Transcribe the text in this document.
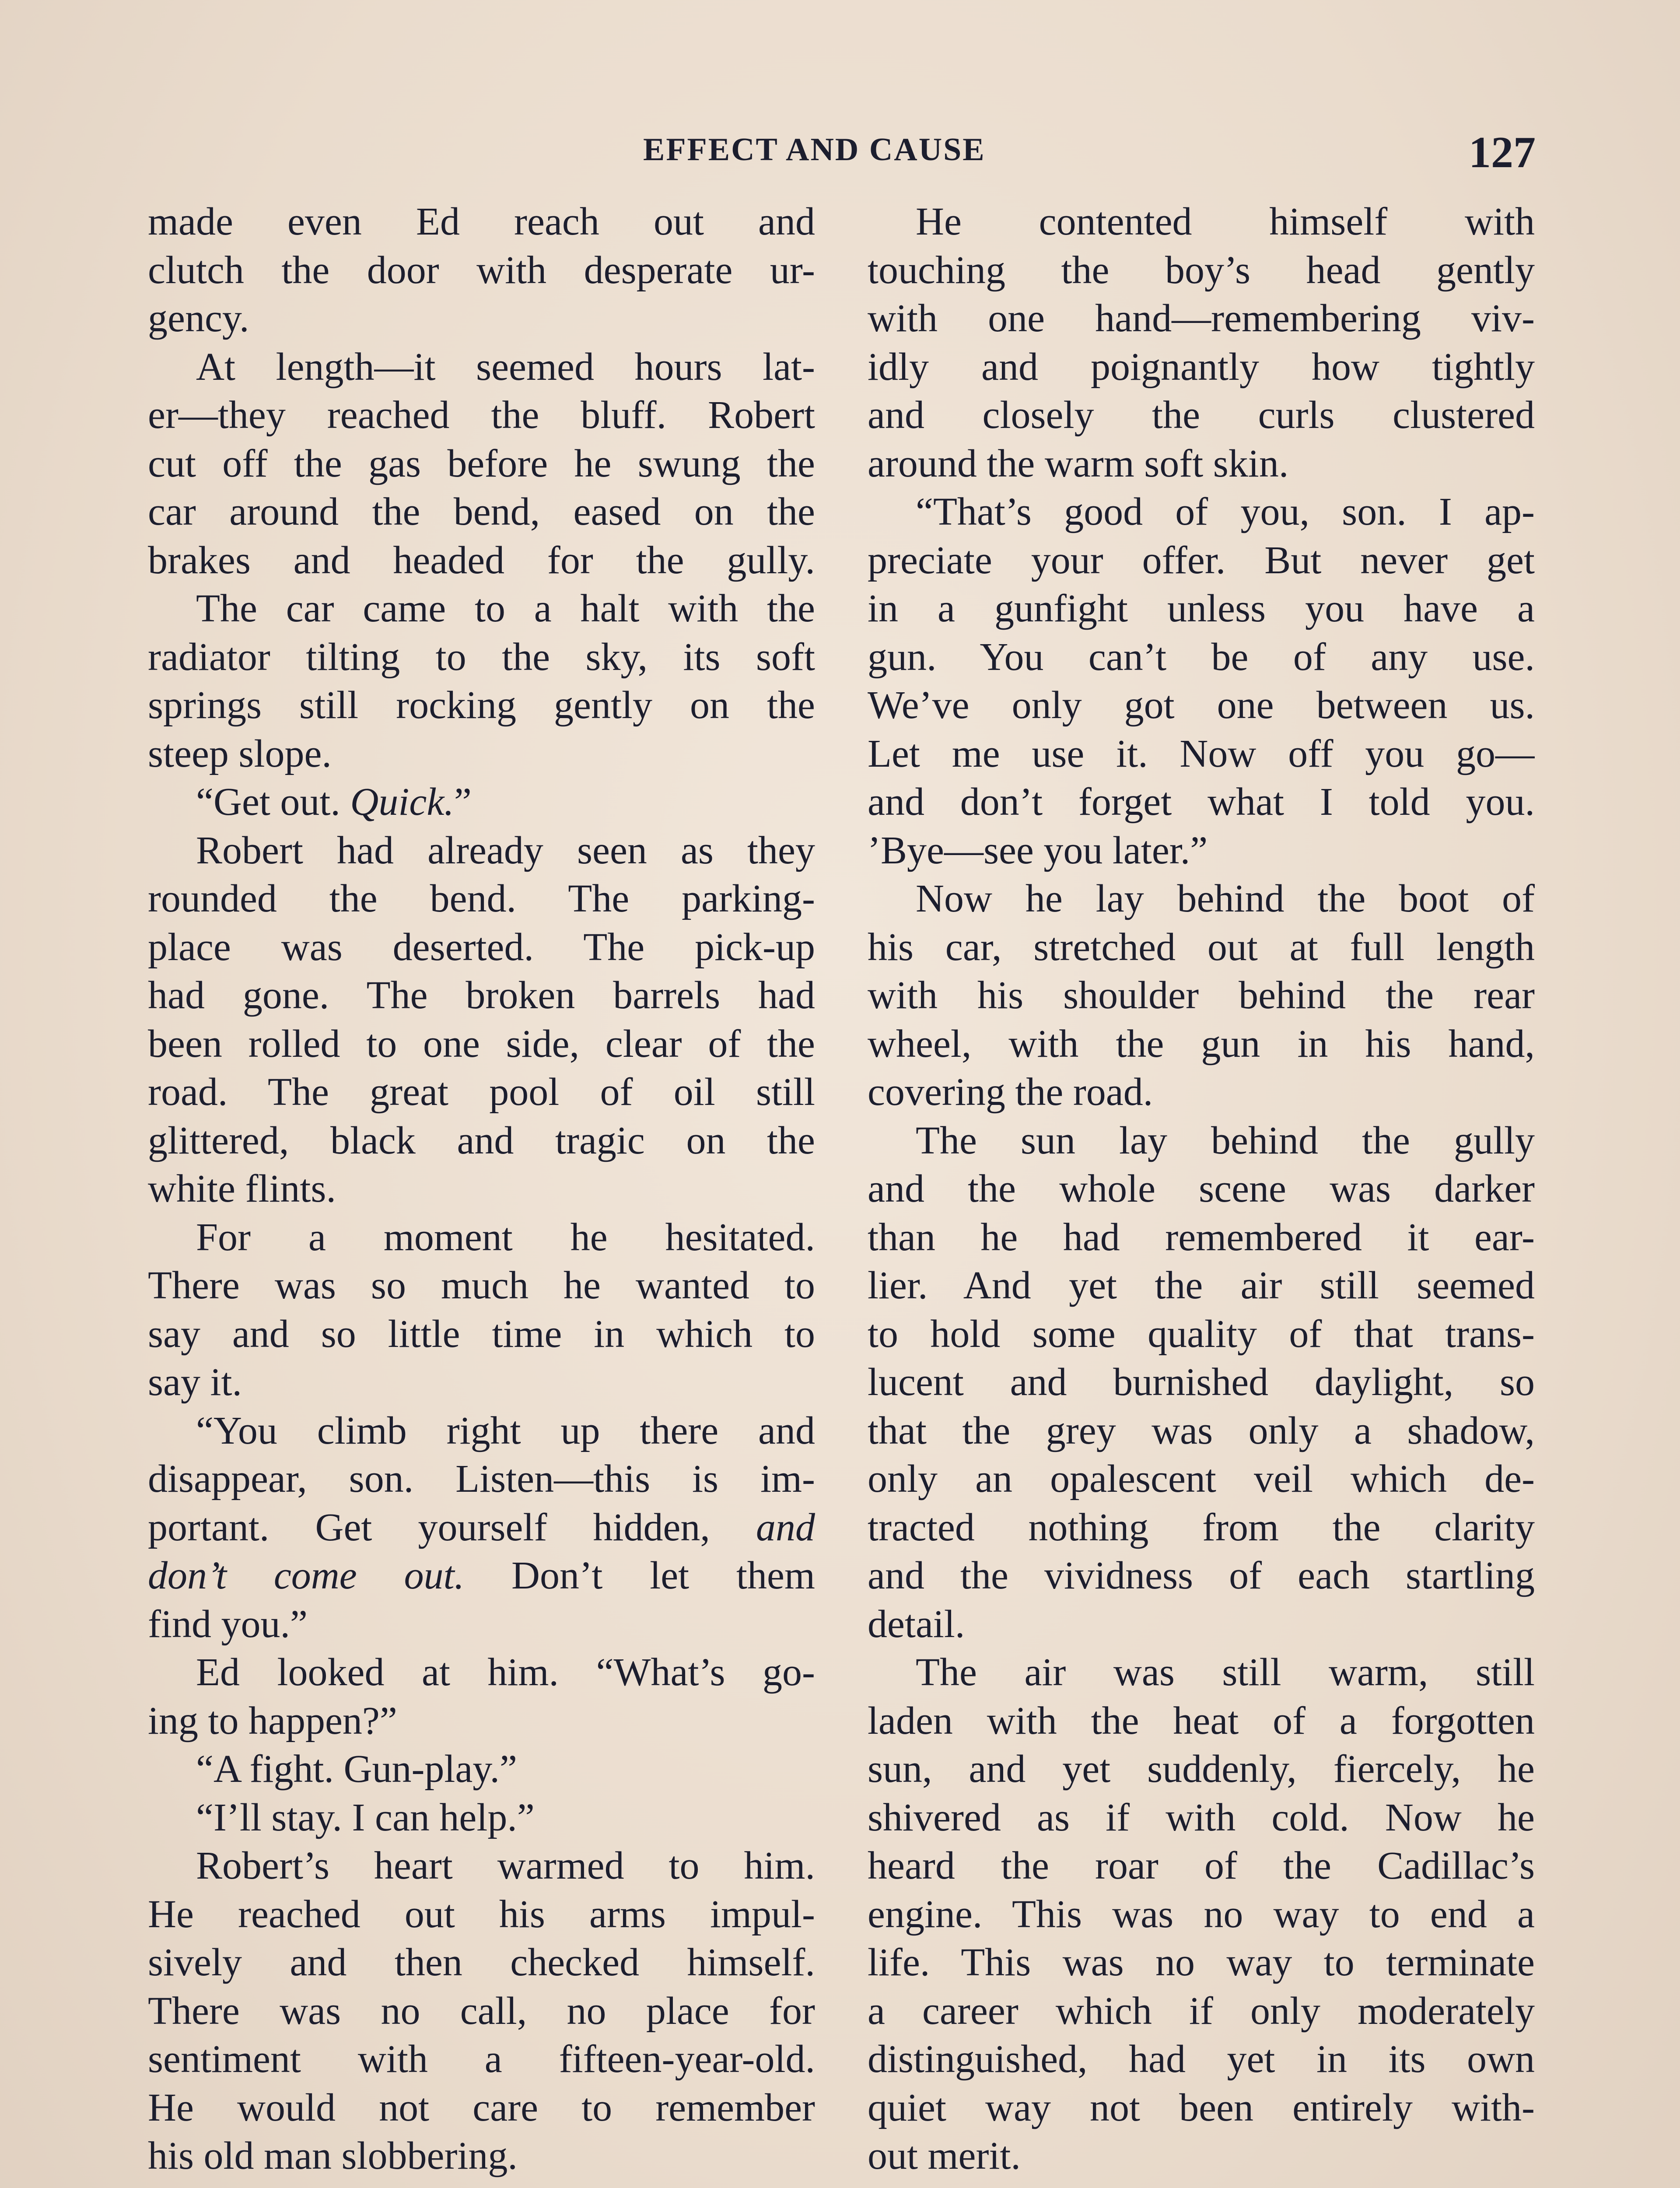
EFFECT AND CAUSE	127
made even Ed reach out and
clutch the door with desperate ur-
gency.
At length—it seemed hours lat-
er—they reached the bluff. Robert
cut off the gas before he swung the
car around the bend, eased on the
brakes and headed for the gully.
The car came to a halt with the
radiator tilting to the sky, its soft
springs still rocking gently on the
steep slope.
“Get out. Quick.”
Robert had already seen as they
rounded the bend. The parking-
place was deserted. The pick-up
had gone. The broken barrels had
been rolled to one side, clear of the
road. The great pool of oil still
glittered, black and tragic on the
white flints.
For a moment he hesitated.
There was so much he wanted to
say and so little time in which to
say it.
“You climb right up there and
disappear, son. Listen—this is im-
portant. Get yourself hidden, and
don’t come out. Don’t let them
find you.”
Ed looked at him. “What’s go-
ing to happen?”
“A fight. Gun-play.”
“I’ll stay. I can help.”
Robert’s heart warmed to him.
He reached out his arms impul-
sively and then checked himself.
There was no call, no place for
sentiment with a fifteen-year-old.
He would not care to remember
his old man slobbering.
He contented himself with
touching the boy’s head gently
with one hand—remembering viv-
idly and poignantly how tightly
and closely the curls clustered
around the warm soft skin.
“That’s good of you, son. I ap-
preciate your offer. But never get
in a gunfight unless you have a
gun. You can’t be of any use.
We’ve only got one between us.
Let me use it. Now off you go—
and don’t forget what I told you.
’Bye—see you later.”
Now he lay behind the boot of
his car, stretched out at full length
with his shoulder behind the rear
wheel, with the gun in his hand,
covering the road.
The sun lay behind the gully
and the whole scene was darker
than he had remembered it ear-
lier. And yet the air still seemed
to hold some quality of that trans-
lucent and burnished daylight, so
that the grey was only a shadow,
only an opalescent veil which de-
tracted nothing from the clarity
and the vividness of each startling
detail.
The air was still warm, still
laden with the heat of a forgotten
sun, and yet suddenly, fiercely, he
shivered as if with cold. Now he
heard the roar of the Cadillac’s
engine. This was no way to end a
life. This was no way to terminate
a career which if only moderately
distinguished, had yet in its own
quiet way not been entirely with-
out merit.
